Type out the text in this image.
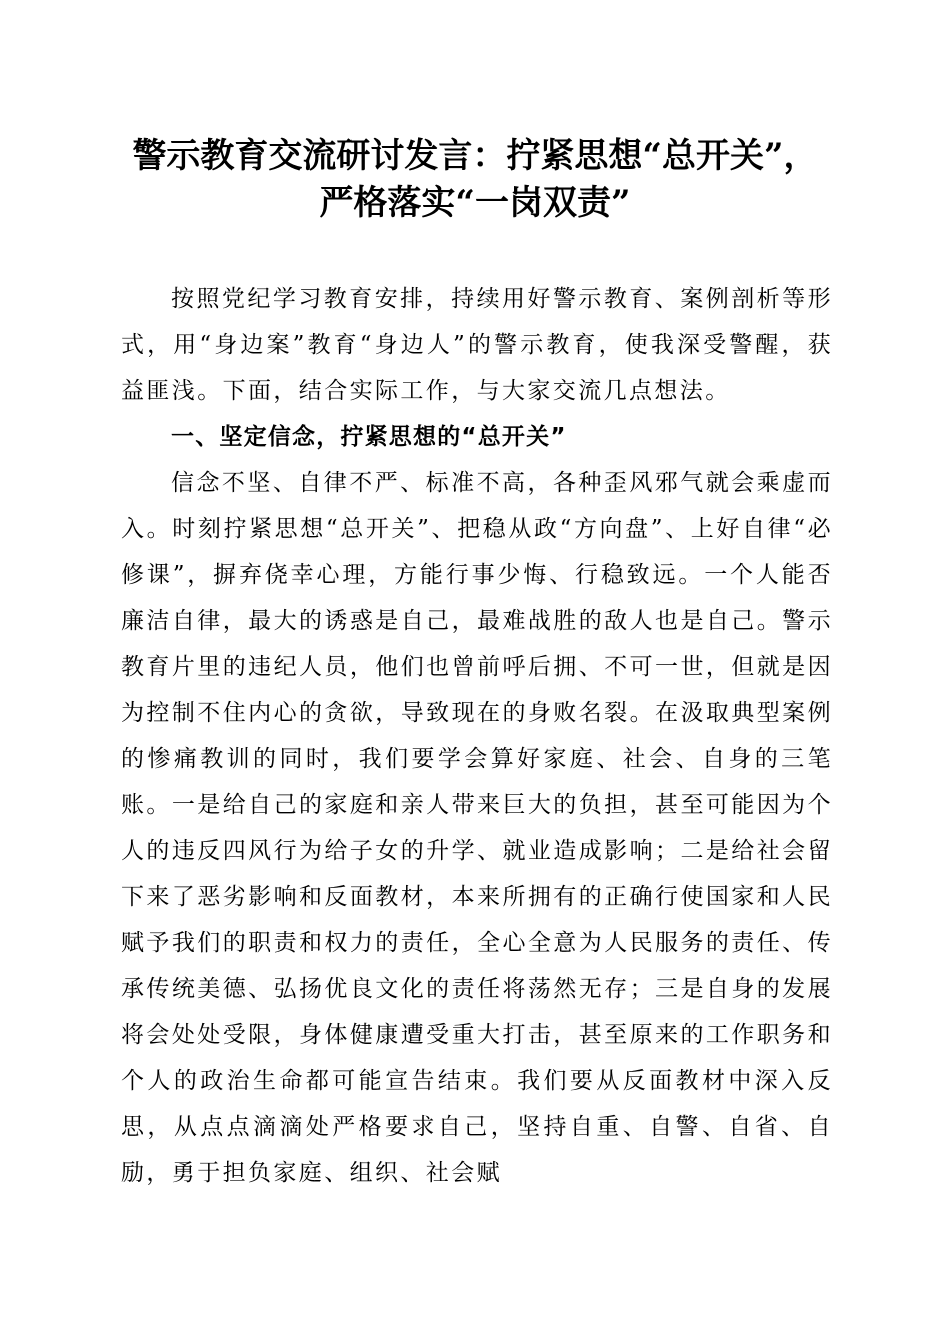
警示教育交流研讨发言：拧紧思想“总开关”，
严格落实“一岗双责”

按照党纪学习教育安排，持续用好警示教育、案例剖析等形式，用“身边案”教育“身边人”的警示教育，使我深受警醒，获益匪浅。下面，结合实际工作，与大家交流几点想法。

一、坚定信念，拧紧思想的“总开关”

信念不坚、自律不严、标准不高，各种歪风邪气就会乘虚而入。时刻拧紧思想“总开关”、把稳从政“方向盘”、上好自律“必修课”，摒弃侥幸心理，方能行事少悔、行稳致远。一个人能否廉洁自律，最大的诱惑是自己，最难战胜的敌人也是自己。警示教育片里的违纪人员，他们也曾前呼后拥、不可一世，但就是因为控制不住内心的贪欲，导致现在的身败名裂。在汲取典型案例的惨痛教训的同时，我们要学会算好家庭、社会、自身的三笔账。一是给自己的家庭和亲人带来巨大的负担，甚至可能因为个人的违反四风行为给子女的升学、就业造成影响；二是给社会留下来了恶劣影响和反面教材，本来所拥有的正确行使国家和人民赋予我们的职责和权力的责任，全心全意为人民服务的责任、传承传统美德、弘扬优良文化的责任将荡然无存；三是自身的发展将会处处受限，身体健康遭受重大打击，甚至原来的工作职务和个人的政治生命都可能宣告结束。我们要从反面教材中深入反思，从点点滴滴处严格要求自己，坚持自重、自警、自省、自励，勇于担负家庭、组织、社会赋
